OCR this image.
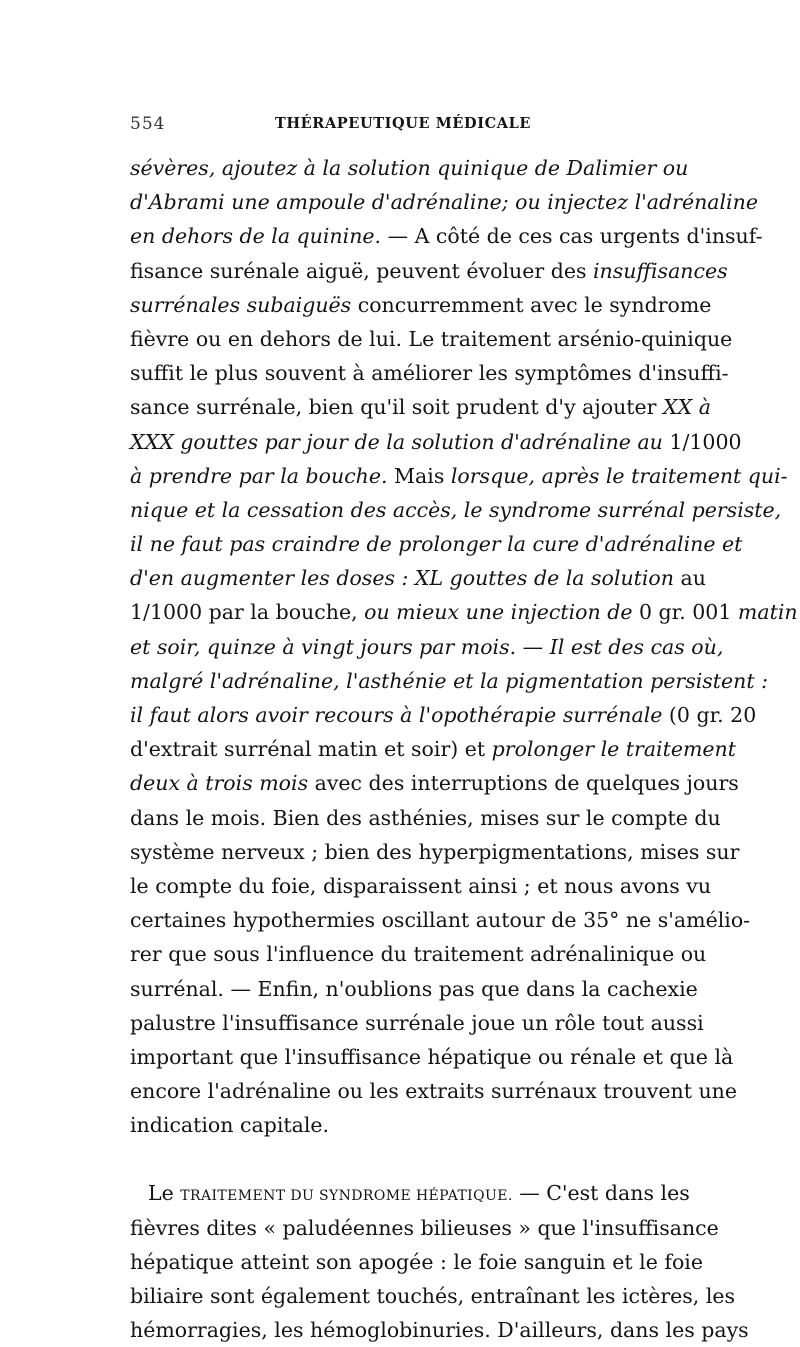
554	THÉRAPEUTIQUE MÉDICALE
sévères, ajoutez à la solution quinique de Dalimier ou
d'Abrami une ampoule d'adrénaline; ou injectez l'adrénaline
en dehors de la quinine. — A côté de ces cas urgents d'insuf-
fisance surénale aiguë, peuvent évoluer des insuffisances
surrénales subaiguës concurremment avec le syndrome
fièvre ou en dehors de lui. Le traitement arsénio-quinique
suffit le plus souvent à améliorer les symptômes d'insuffi-
sance surrénale, bien qu'il soit prudent d'y ajouter XX à
XXX gouttes par jour de la solution d'adrénaline au 1/1000
à prendre par la bouche. Mais lorsque, après le traitement qui-
nique et la cessation des accès, le syndrome surrénal persiste,
il ne faut pas craindre de prolonger la cure d'adrénaline et
d'en augmenter les doses : XL gouttes de la solution au
1/1000 par la bouche, ou mieux une injection de 0 gr. 001 matin
et soir, quinze à vingt jours par mois. — Il est des cas où,
malgré l'adrénaline, l'asthénie et la pigmentation persistent :
il faut alors avoir recours à l'opothérapie surrénale (0 gr. 20
d'extrait surrénal matin et soir) et prolonger le traitement
deux à trois mois avec des interruptions de quelques jours
dans le mois. Bien des asthénies, mises sur le compte du
système nerveux ; bien des hyperpigmentations, mises sur
le compte du foie, disparaissent ainsi ; et nous avons vu
certaines hypothermies oscillant autour de 35° ne s'amélio-
rer que sous l'influence du traitement adrénalinique ou
surrénal. — Enfin, n'oublions pas que dans la cachexie
palustre l'insuffisance surrénale joue un rôle tout aussi
important que l'insuffisance hépatique ou rénale et que là
encore l'adrénaline ou les extraits surrénaux trouvent une
indication capitale.
Le TRAITEMENT DU SYNDROME HÉPATIQUE. — C'est dans les
fièvres dites « paludéennes bilieuses » que l'insuffisance
hépatique atteint son apogée : le foie sanguin et le foie
biliaire sont également touchés, entraînant les ictères, les
hémorragies, les hémoglobinuries. D'ailleurs, dans les pays
